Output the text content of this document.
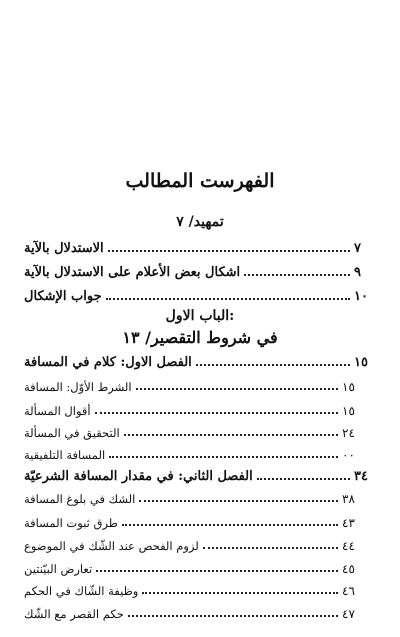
الفهرست المطالب
تمهيد/ ٧
الاستدلال بالآية	٧
اشكال بعض الأعلام على الاستدلال بالآية	٩
جواب الإشكال	١٠
الباب الاول:
في شروط التقصير/ ١٣
الفصل الاول: كلام في المسافة	١٥
الشرط الأوّل: المسافة	١٥
أقوال المسألة	١٥
التحقيق في المسألة	٢٤
المسافة التلفيقية	٠٠
الفصل الثاني: في مقدار المسافة الشرعيّة	٣٤
الشك في بلوغ المسافة	٣٨
طرق ثبوت المسافة	٤٣
لزوم الفحص عند الشّك في الموضوع	٤٤
تعارض البيّنتين	٤٥
وظيفة الشّاك في الحكم	٤٦
حكم القصر مع الشّك	٤٧
